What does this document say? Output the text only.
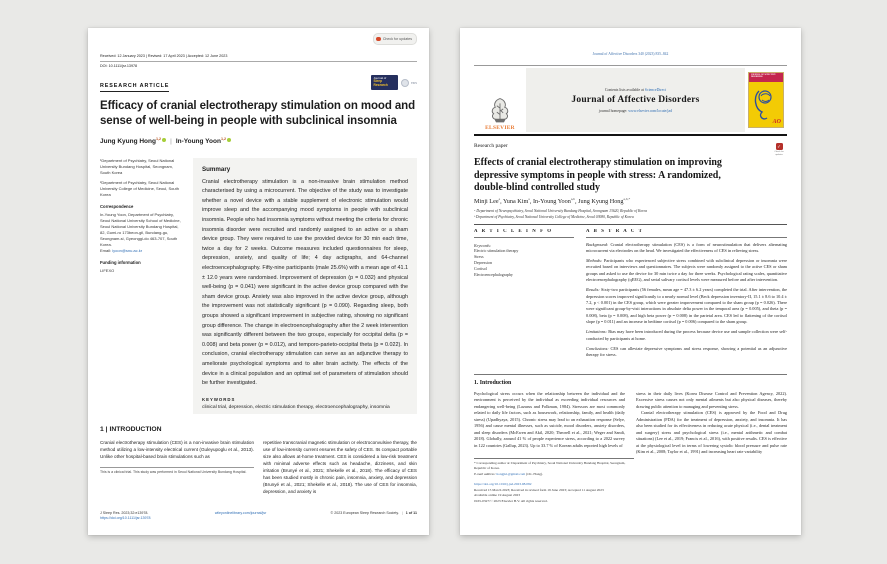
Check for updates
Received: 12 January 2023 | Revised: 17 April 2023 | Accepted: 12 June 2023
DOI: 10.1111/jsr.13978
RESEARCH ARTICLE
Journal of
Sleep Research
esrs
Efficacy of cranial electrotherapy stimulation on mood and sense of well-being in people with subclinical insomnia
Jung Kyung Hong$^{1,2}$	| In-Young Yoon$^{1,2}$
¹Department of Psychiatry, Seoul National University Bundang Hospital, Seongnam, South Korea
²Department of Psychiatry, Seoul National University College of Medicine, Seoul, South Korea
Correspondence
In-Young Yoon, Department of Psychiatry, Seoul National University School of Medicine, Seoul National University Bundang Hospital, 82, Gumi-ro 173beon-gil, Bundang-gu, Seongnam-si, Gyeonggi-do 463-707, South Korea.
Email: iyoon@snu.ac.kr
Funding information
LIFEXO
Summary
Cranial electrotherapy stimulation is a non-invasive brain stimulation method characterised by using a microcurrent. The objective of the study was to investigate whether a novel device with a stable supplement of electronic stimulation would improve sleep and the accompanying mood symptoms in people with subclinical insomnia. People who had insomnia symptoms without meeting the criteria for chronic insomnia disorder were recruited and randomly assigned to an active or a sham device group. They were required to use the provided device for 30 min each time, twice a day for 2 weeks. Outcome measures included questionnaires for sleep, depression, anxiety, and quality of life; 4 day actigraphs, and 64-channel electroencephalography. Fifty-nine participants (male 25.6%) with a mean age of 41.1 ± 12.0 years were randomised. Improvement of depression (p = 0.032) and physical well-being (p = 0.041) were significant in the active device group compared with the sham device group. Anxiety was also improved in the active device group, although the improvement was not statistically significant (p = 0.090). Regarding sleep, both groups showed a significant improvement in subjective rating, showing no significant group difference. The change in electroencephalography after the 2 week intervention was significantly different between the two groups, especially for occipital delta (p = 0.008) and beta power (p = 0.012), and temporo-parieto-occipital theta (p = 0.022). In conclusion, cranial electrotherapy stimulation can serve as an adjunctive therapy to ameliorate psychological symptoms and to alter brain activity. The effects of the device in a clinical population and an optimal set of parameters of stimulation should be further investigated.
KEYWORDS
clinical trial, depression, electric stimulation therapy, electroencephalography, insomnia
1 | INTRODUCTION
Cranial electrotherapy stimulation (CES) is a non-invasive brain stimulation method utilizing a low-intensity electrical current (Guleyupoglu et al., 2013). Unlike other hospital-based brain stimulations such as
This is a clinical trial. This study was performed in Seoul National University Bundang Hospital.
repetitive transcranial magnetic stimulation or electroconvulsive therapy, the use of low-intensity current ensures the safety of CES. Its compact portable size also allows at-home treatment. CES is considered a low-risk treatment with minimal adverse effects such as headache, dizziness, and skin irritation (Brunyé et al., 2021; Shekelle et al., 2018). The efficacy of CES has been studied mostly in chronic pain, insomnia, anxiety, and depression (Brunyé et al., 2021; Shekelle et al., 2018). The use of CES for insomnia, depression, and anxiety is
J Sleep Res. 2023;32:e13978.
https://doi.org/10.1111/jsr.13978
wileyonlinelibrary.com/journal/jsr	© 2023 European Sleep Research Society. | 1 of 11
Journal of Affective Disorders 340 (2023) 835–842
ELSEVIER
Contents lists available at ScienceDirect
Journal of Affective Disorders
journal homepage: www.elsevier.com/locate/jad
JOURNAL OF AFFECTIVE DISORDERS
AO
Research paper	✓
Check for updates
Effects of cranial electrotherapy stimulation on improving depressive symptoms in people with stress: A randomized, double-blind controlled study
Minji Lee$^a$, Yuna Kim$^a$, In-Young Yoon$^{a,b}$, Jung Kyung Hong$^{a,b,*}$
ᵃ Department of Neuropsychiatry, Seoul National University Bundang Hospital, Seongnam 13620, Republic of Korea
ᵇ Department of Psychiatry, Seoul National University College of Medicine, Seoul 03080, Republic of Korea
A R T I C L E I N F O
Keywords:
Electric stimulation therapy
Stress
Depression
Cortisol
Electroencephalography
A B S T R A C T

Background: Cranial electrotherapy stimulation (CES) is a form of neurostimulation that delivers alternating microcurrent via electrodes on the head. We investigated the effectiveness of CES in relieving stress.

Methods: Participants who experienced subjective stress combined with subclinical depression or insomnia were recruited based on interviews and questionnaires. The subjects were randomly assigned to the active CES or sham groups and asked to use the device for 30 min twice a day for three weeks. Psychological rating scales, quantitative electroencephalography (qEEG), and serial salivary cortisol levels were measured before and after intervention.

Results: Sixty-two participants (56 females, mean age = 47.3 ± 6.2 years) completed the trial. After intervention, the depression scores improved significantly to a nearly normal level (Beck depression inventory-II, 15.1 ± 8.6 to 10.4 ± 7.2, p < 0.001) in the CES group, which were greater improvement compared to the sham group (p = 0.026). There were significant group-by-visit interactions in absolute delta power in the temporal area (p = 0.005), and theta (p = 0.008), beta (p = 0.008), and high beta power (p = 0.008) in the parietal area. CES led to flattening of the cortisol slope (p = 0.011) and an increase in bedtime cortisol (p = 0.006) compared to the sham group.

Limitations: Bias may have been introduced during the process because device use and sample collection were self-conducted by participants at home.

Conclusions: CES can alleviate depressive symptoms and stress response, showing a potential as an adjunctive therapy for stress.

1. Introduction
Psychological stress occurs when the relationship between the individual and the environment is perceived by the individual as exceeding individual resources and endangering well-being (Lazarus and Folkman, 1984). Stressors are most commonly related to daily life factors, such as housework, relationship, family, and health (daily stress) (Upadhyaya, 2015). Chronic stress may lead to an exhaustion response (Selye, 1956) and cause mental illnesses, such as suicide, mood disorders, anxiety disorders, and sleep disorders (McEwen and Akil, 2020; Theorell et al., 2021; Weger and Sandi, 2018). Globally, around 41 % of people experience stress, according to a 2022 survey in 122 countries (Gallup, 2023). Up to 33.7 % of Korean adults reported high levels of

stress in their daily lives (Korea Disease Control and Prevention Agency, 2022). Excessive stress causes not only mental ailments but also physical diseases, thereby drawing public attention to managing and preventing stress.

Cranial electrotherapy stimulation (CES) is approved by the Food and Drug Administration (FDA) for the treatment of depression, anxiety, and insomnia. It has also been studied for its effectiveness in reducing acute physical (i.e., dental treatment and surgery) stress and psychological stress (i.e., mental arithmetic and combat situations) (Lee et al., 2019; Francis et al., 2016), with positive results. CES is effective at the physiological level in terms of lowering systolic blood pressure and pulse rate (Kim et al., 2008; Taylor et al., 1991) and increasing heart rate variability

* Corresponding author at: Department of Psychiatry, Seoul National University Bundang Hospital, Seongnam, Republic of Korea.
E-mail address: hongjk1@gmail.com (J.K. Hong).
https://doi.org/10.1016/j.jad.2023.08.082
Received 15 March 2023; Received in revised form 19 June 2023; Accepted 11 August 2023
Available online 19 August 2023
0165-0327/© 2023 Elsevier B.V. All rights reserved.
